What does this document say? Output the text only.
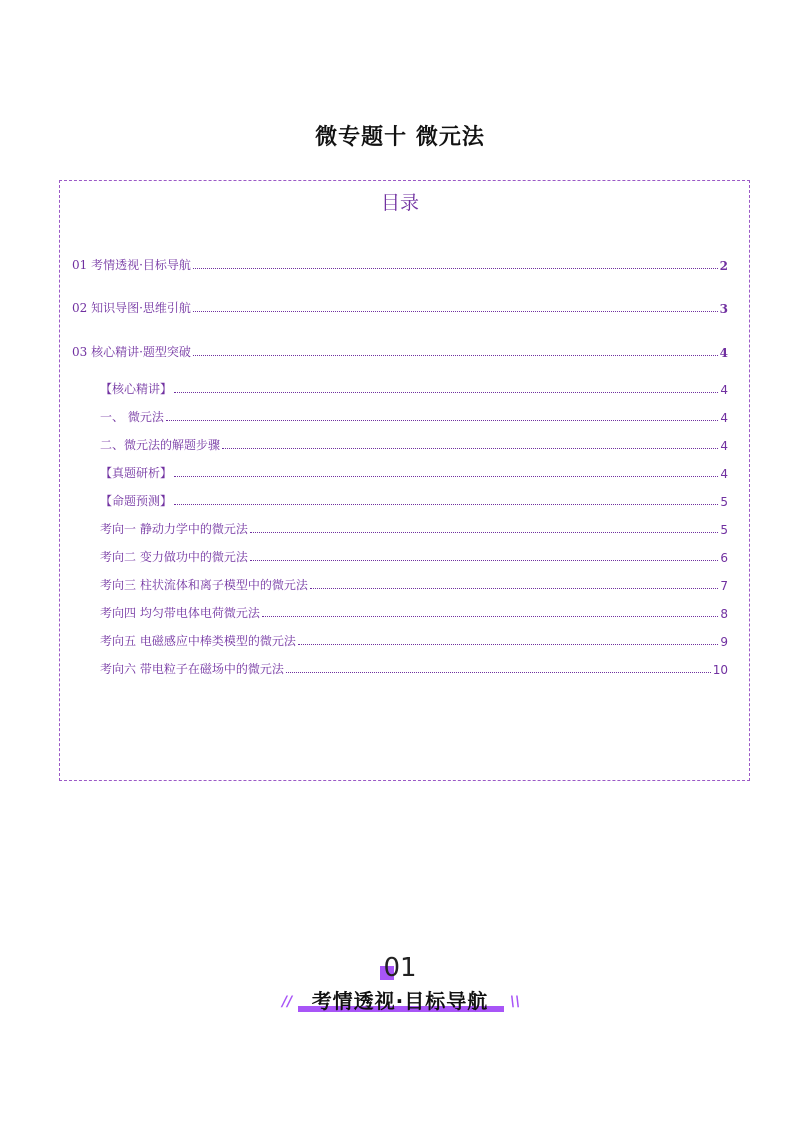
微专题十 微元法
目录
01 考情透视·目标导航	2
02 知识导图·思维引航	3
03 核心精讲·题型突破	4
【核心精讲】	4
一、 微元法	4
二、微元法的解题步骤	4
【真题研析】	4
【命题预测】	5
考向一 静动力学中的微元法	5
考向二 变力做功中的微元法	6
考向三 柱状流体和离子模型中的微元法	7
考向四 均匀带电体电荷微元法	8
考向五 电磁感应中棒类模型的微元法	9
考向六 带电粒子在磁场中的微元法	10
01
// 考情透视·目标导航	\\
